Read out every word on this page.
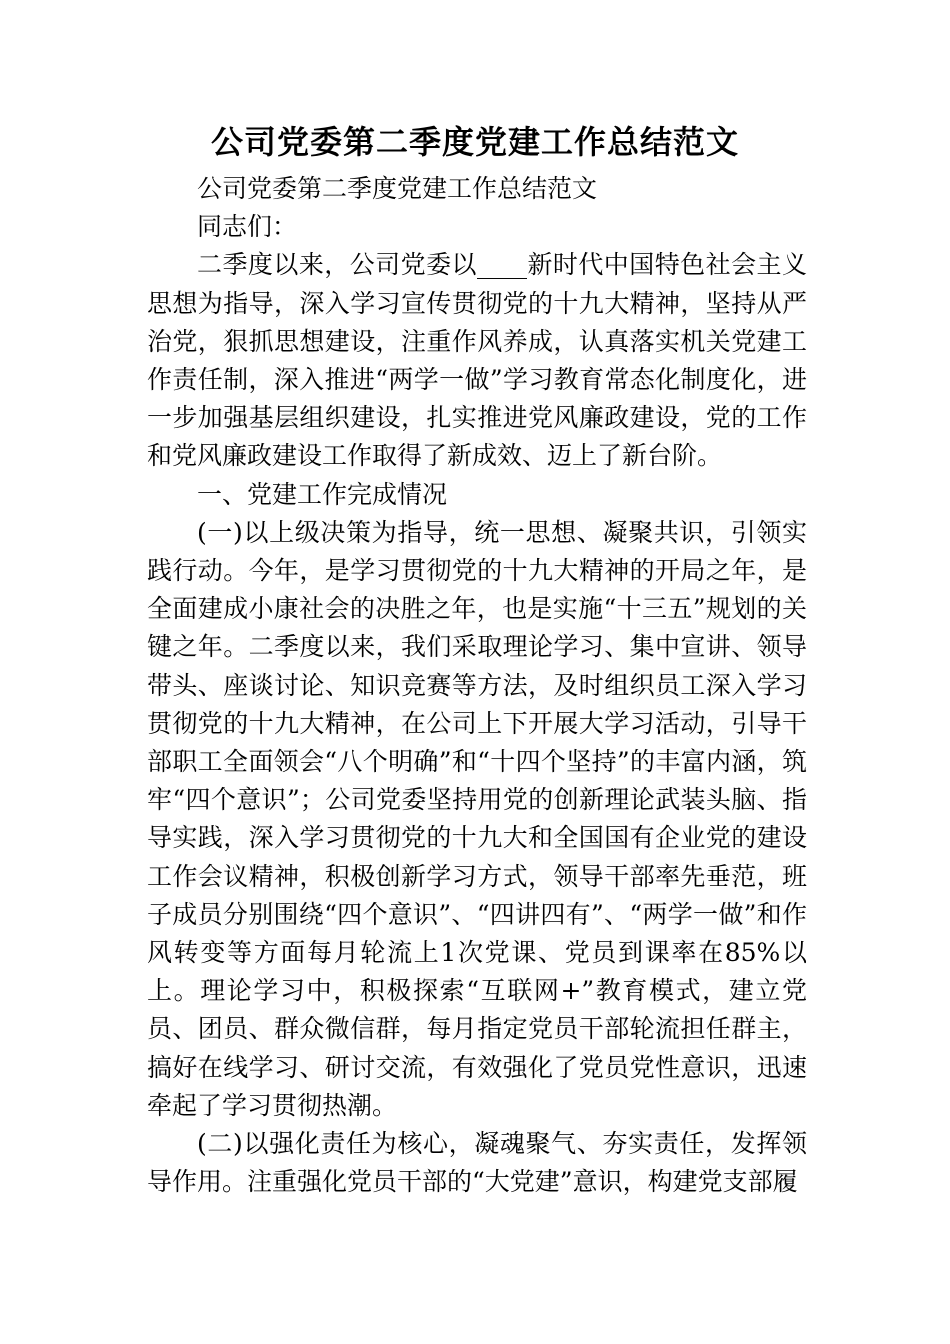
公司党委第二季度党建工作总结范文

公司党委第二季度党建工作总结范文

同志们：

二季度以来，公司党委以____新时代中国特色社会主义思想为指导，深入学习宣传贯彻党的十九大精神，坚持从严治党，狠抓思想建设，注重作风养成，认真落实机关党建工作责任制，深入推进“两学一做”学习教育常态化制度化，进一步加强基层组织建设，扎实推进党风廉政建设，党的工作和党风廉政建设工作取得了新成效、迈上了新台阶。

一、党建工作完成情况

(一)以上级决策为指导，统一思想、凝聚共识，引领实践行动。今年，是学习贯彻党的十九大精神的开局之年，是全面建成小康社会的决胜之年，也是实施“十三五”规划的关键之年。二季度以来，我们采取理论学习、集中宣讲、领导带头、座谈讨论、知识竞赛等方法，及时组织员工深入学习贯彻党的十九大精神，在公司上下开展大学习活动，引导干部职工全面领会“八个明确”和“十四个坚持”的丰富内涵，筑牢“四个意识”；公司党委坚持用党的创新理论武装头脑、指导实践，深入学习贯彻党的十九大和全国国有企业党的建设工作会议精神，积极创新学习方式，领导干部率先垂范，班子成员分别围绕“四个意识”、“四讲四有”、“两学一做”和作风转变等方面每月轮流上1次党课、党员到课率在85%以上。理论学习中，积极探索“互联网+”教育模式，建立党员、团员、群众微信群，每月指定党员干部轮流担任群主，搞好在线学习、研讨交流，有效强化了党员党性意识，迅速牵起了学习贯彻热潮。

(二)以强化责任为核心，凝魂聚气、夯实责任，发挥领导作用。注重强化党员干部的“大党建”意识，构建党支部履
